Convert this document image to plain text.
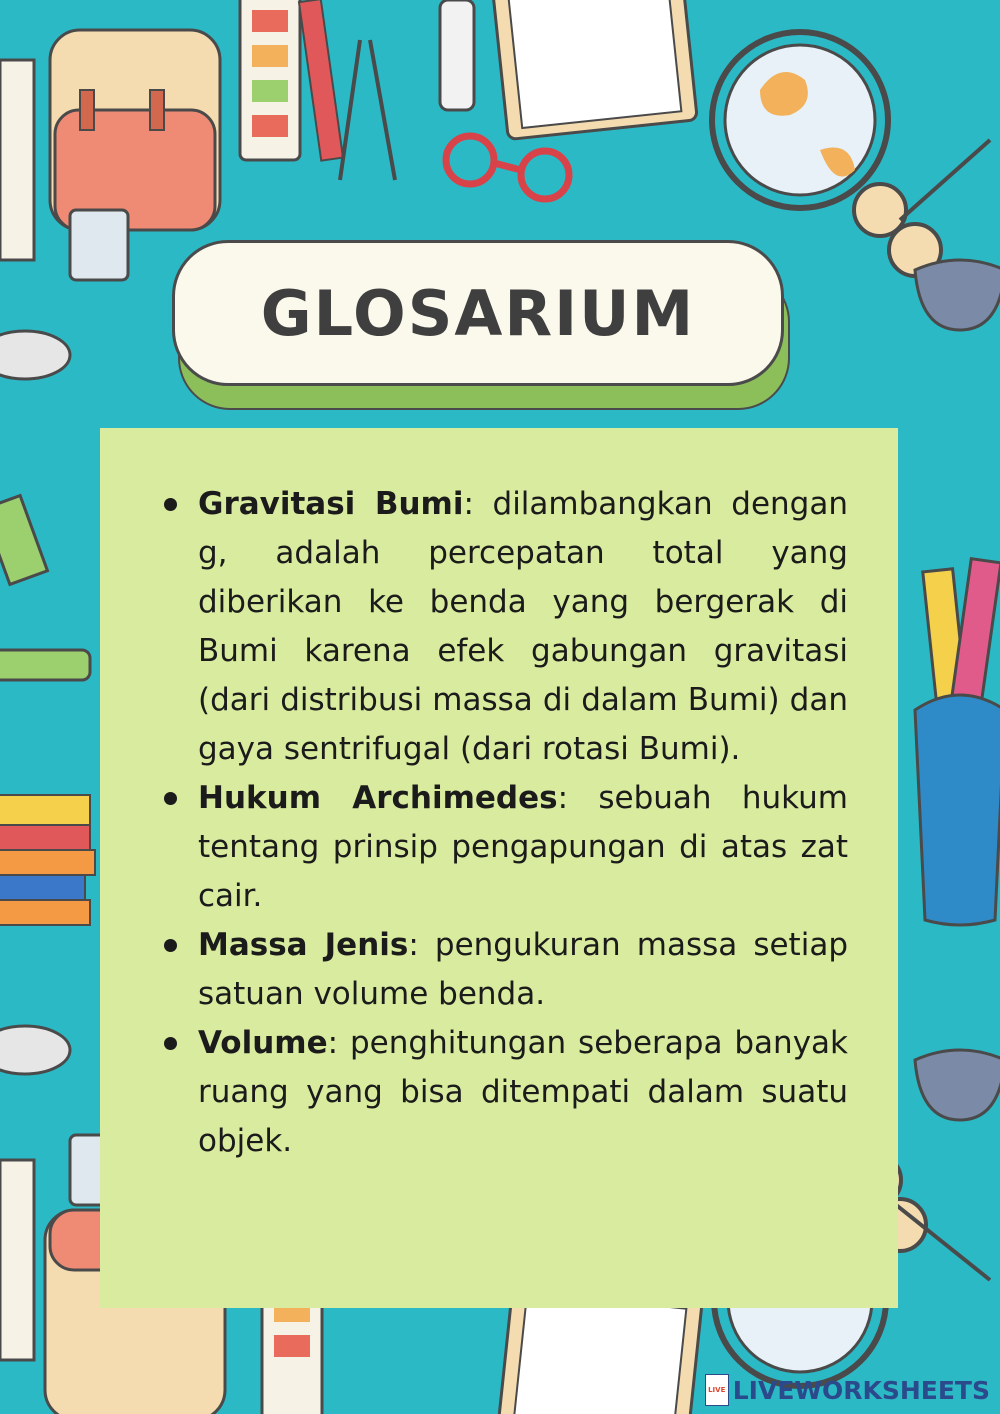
GLOSARIUM
Gravitasi Bumi: dilambangkan dengan g, adalah percepatan total yang diberikan ke benda yang bergerak di Bumi karena efek gabungan gravitasi (dari distribusi massa di dalam Bumi) dan gaya sentrifugal (dari rotasi Bumi).
Hukum Archimedes: sebuah hukum tentang prinsip pengapungan di atas zat cair.
Massa Jenis: pengukuran massa setiap satuan volume benda.
Volume: penghitungan seberapa banyak ruang yang bisa ditempati dalam suatu objek.
LIVE LIVEWORKSHEETS
